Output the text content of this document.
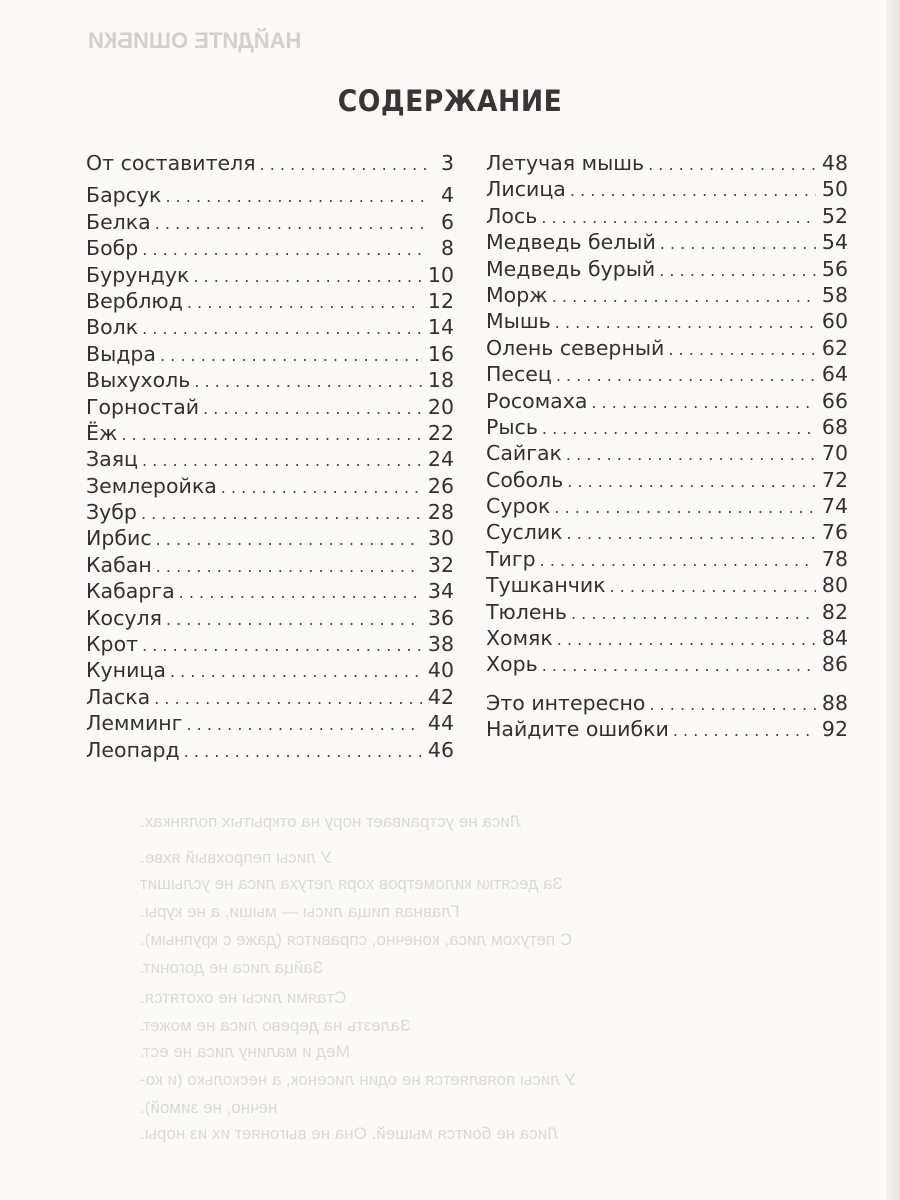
НАЙДИТЕ ОШИБКИ
Лиса не устраивает нору на открытых полянках.
У лисы пепрохвый яхве.
За десятки километров хоря летуха лиса не услышит
Главная пища лисы — мыши, а не куры.
С петухом лиса, конечно, справится (даже с крупным).
Зайца лиса не догонит.
Стаями лисы не охотятся.
Залезть на дерево лиса не может.
Мед и малину лиса не ест.
У лисы появляется не один лисенок, а несколько (и ко-
нечно, не зимой).
Лиса не боится мышей. Она не выгоняет их из норы.
СОДЕРЖАНИЕ
От составителя . . .	3
Барсук . . .	4
Белка . . .	6
Бобр . . .	8
Бурундук . . .	10
Верблюд . . .	12
Волк . . .	14
Выдра . . .	16
Выхухоль . . .	18
Горностай . . .	20
Ёж . . .	22
Заяц . . .	24
Землеройка . . .	26
Зубр . . .	28
Ирбис . . .	30
Кабан . . .	32
Кабарга . . .	34
Косуля . . .	36
Крот . . .	38
Куница . . .	40
Ласка . . .	42
Лемминг . . .	44
Леопард . . .	46
Летучая мышь . . .	48
Лисица . . .	50
Лось . . .	52
Медведь белый . . .	54
Медведь бурый . . .	56
Морж . . .	58
Мышь . . .	60
Олень северный . . .	62
Песец . . .	64
Росомаха . . .	66
Рысь . . .	68
Сайгак . . .	70
Соболь . . .	72
Сурок . . .	74
Суслик . . .	76
Тигр . . .	78
Тушканчик . . .	80
Тюлень . . .	82
Хомяк . . .	84
Хорь . . .	86
Это интересно . . .	88
Найдите ошибки . . .	92
